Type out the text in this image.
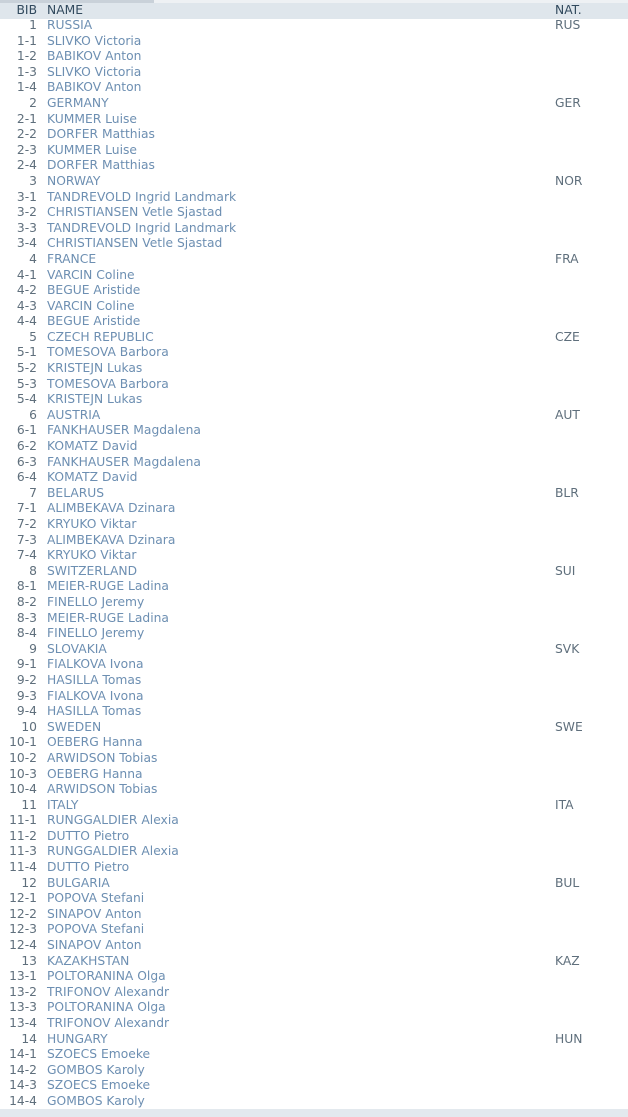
BIB NAME	NAT.
1 RUSSIA	RUS
1-1 SLIVKO Victoria
1-2 BABIKOV Anton
1-3 SLIVKO Victoria
1-4 BABIKOV Anton
2 GERMANY	GER
2-1 KUMMER Luise
2-2 DORFER Matthias
2-3 KUMMER Luise
2-4 DORFER Matthias
3 NORWAY	NOR
3-1 TANDREVOLD Ingrid Landmark
3-2 CHRISTIANSEN Vetle Sjastad
3-3 TANDREVOLD Ingrid Landmark
3-4 CHRISTIANSEN Vetle Sjastad
4 FRANCE	FRA
4-1 VARCIN Coline
4-2 BEGUE Aristide
4-3 VARCIN Coline
4-4 BEGUE Aristide
5 CZECH REPUBLIC	CZE
5-1 TOMESOVA Barbora
5-2 KRISTEJN Lukas
5-3 TOMESOVA Barbora
5-4 KRISTEJN Lukas
6 AUSTRIA	AUT
6-1 FANKHAUSER Magdalena
6-2 KOMATZ David
6-3 FANKHAUSER Magdalena
6-4 KOMATZ David
7 BELARUS	BLR
7-1 ALIMBEKAVA Dzinara
7-2 KRYUKO Viktar
7-3 ALIMBEKAVA Dzinara
7-4 KRYUKO Viktar
8 SWITZERLAND	SUI
8-1 MEIER-RUGE Ladina
8-2 FINELLO Jeremy
8-3 MEIER-RUGE Ladina
8-4 FINELLO Jeremy
9 SLOVAKIA	SVK
9-1 FIALKOVA Ivona
9-2 HASILLA Tomas
9-3 FIALKOVA Ivona
9-4 HASILLA Tomas
10 SWEDEN	SWE
10-1 OEBERG Hanna
10-2 ARWIDSON Tobias
10-3 OEBERG Hanna
10-4 ARWIDSON Tobias
11 ITALY	ITA
11-1 RUNGGALDIER Alexia
11-2 DUTTO Pietro
11-3 RUNGGALDIER Alexia
11-4 DUTTO Pietro
12 BULGARIA	BUL
12-1 POPOVA Stefani
12-2 SINAPOV Anton
12-3 POPOVA Stefani
12-4 SINAPOV Anton
13 KAZAKHSTAN	KAZ
13-1 POLTORANINA Olga
13-2 TRIFONOV Alexandr
13-3 POLTORANINA Olga
13-4 TRIFONOV Alexandr
14 HUNGARY	HUN
14-1 SZOECS Emoeke
14-2 GOMBOS Karoly
14-3 SZOECS Emoeke
14-4 GOMBOS Karoly
